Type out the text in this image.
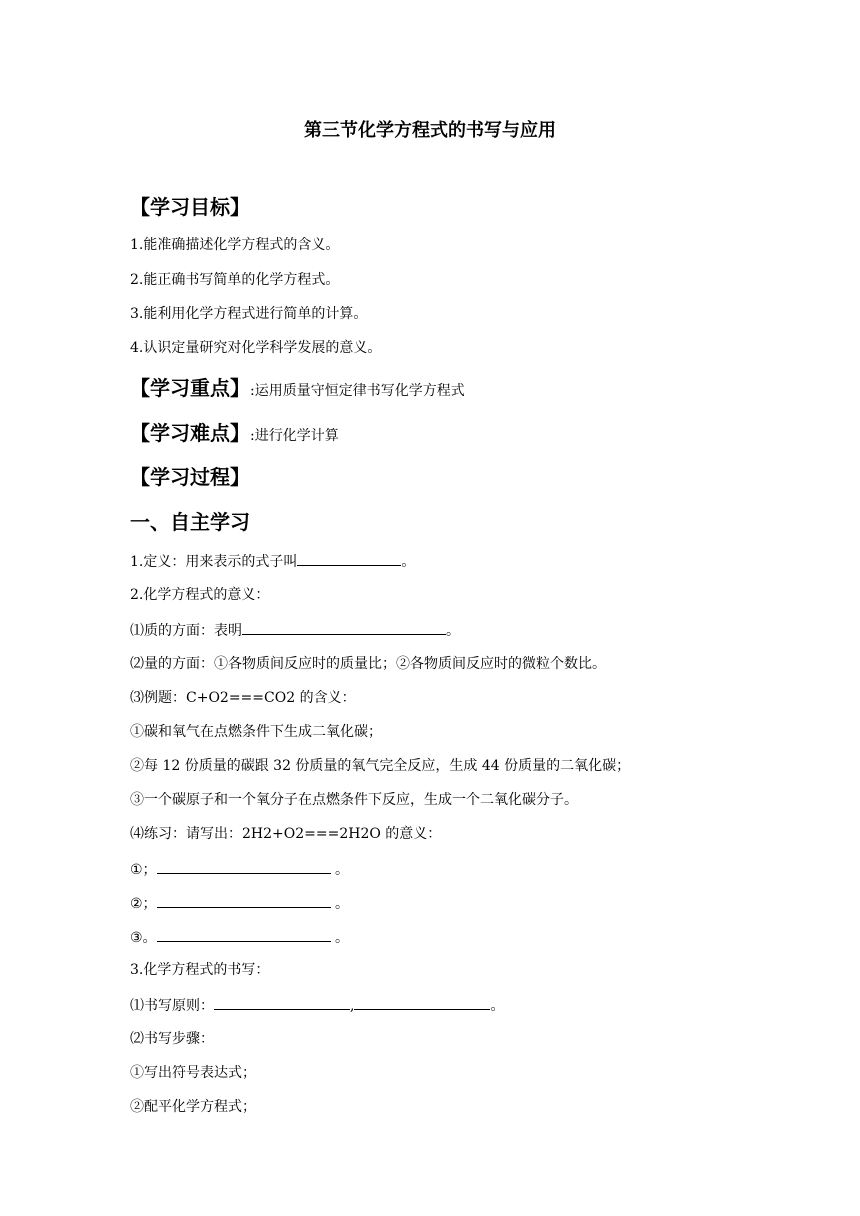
第三节化学方程式的书写与应用
【学习目标】
1.能准确描述化学方程式的含义。
2.能正确书写简单的化学方程式。
3.能利用化学方程式进行简单的计算。
4.认识定量研究对化学科学发展的意义。
【学习重点】:运用质量守恒定律书写化学方程式
【学习难点】:进行化学计算
【学习过程】
一、自主学习
1.定义：用来表示的式子叫	。
2.化学方程式的意义：
⑴质的方面：表明	。
⑵量的方面：①各物质间反应时的质量比；②各物质间反应时的微粒个数比。
⑶例题：C+O2===CO2 的含义：
①碳和氧气在点燃条件下生成二氧化碳；
②每 12 份质量的碳跟 32 份质量的氧气完全反应，生成 44 份质量的二氧化碳；
③一个碳原子和一个氧分子在点燃条件下反应，生成一个二氧化碳分子。
⑷练习：请写出：2H2+O2===2H2O 的意义：
①；	。
②；	。
③。	。
3.化学方程式的书写：
⑴书写原则：	,	。
⑵书写步骤：
①写出符号表达式；
②配平化学方程式；
